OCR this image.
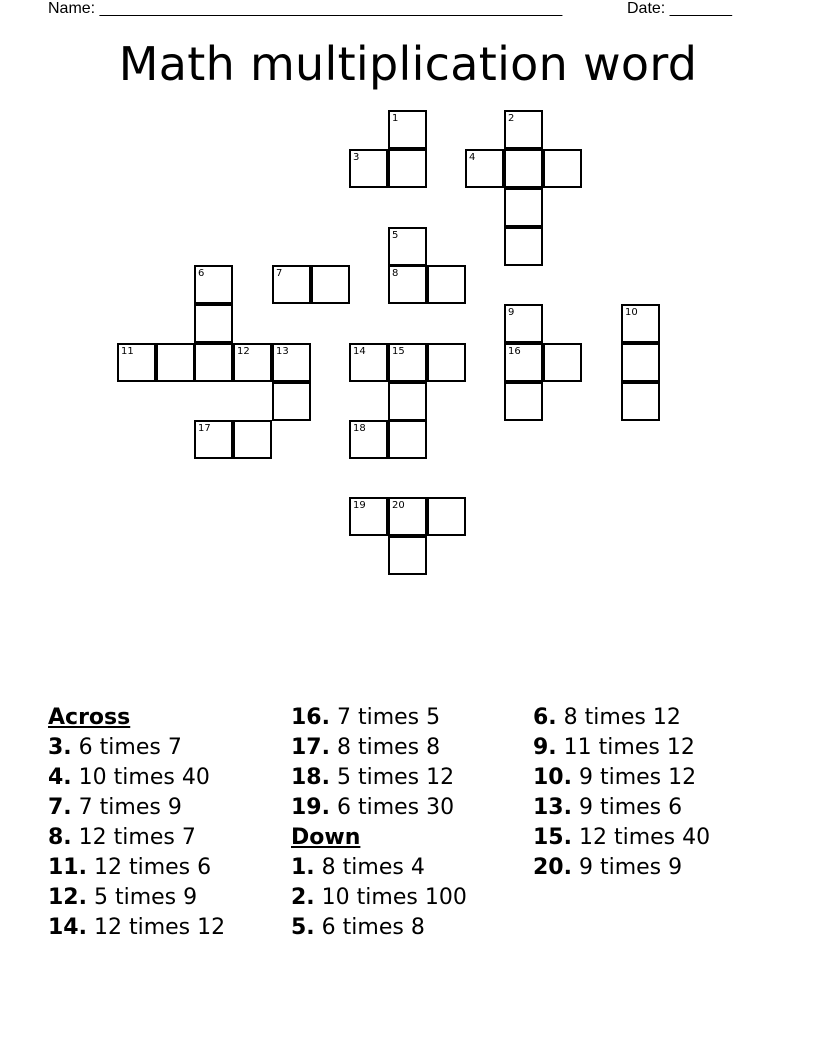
Name: ____________________________________________________	Date: _______
Math multiplication word
1
3
2
4
5
8
7
6
11	12	13
17
14	15
18
9
16
10
19	20
Across
3. 6 times 7
4. 10 times 40
7. 7 times 9
8. 12 times 7
11. 12 times 6
12. 5 times 9
14. 12 times 12
16. 7 times 5
17. 8 times 8
18. 5 times 12
19. 6 times 30
Down
1. 8 times 4
2. 10 times 100
5. 6 times 8
6. 8 times 12
9. 11 times 12
10. 9 times 12
13. 9 times 6
15. 12 times 40
20. 9 times 9
